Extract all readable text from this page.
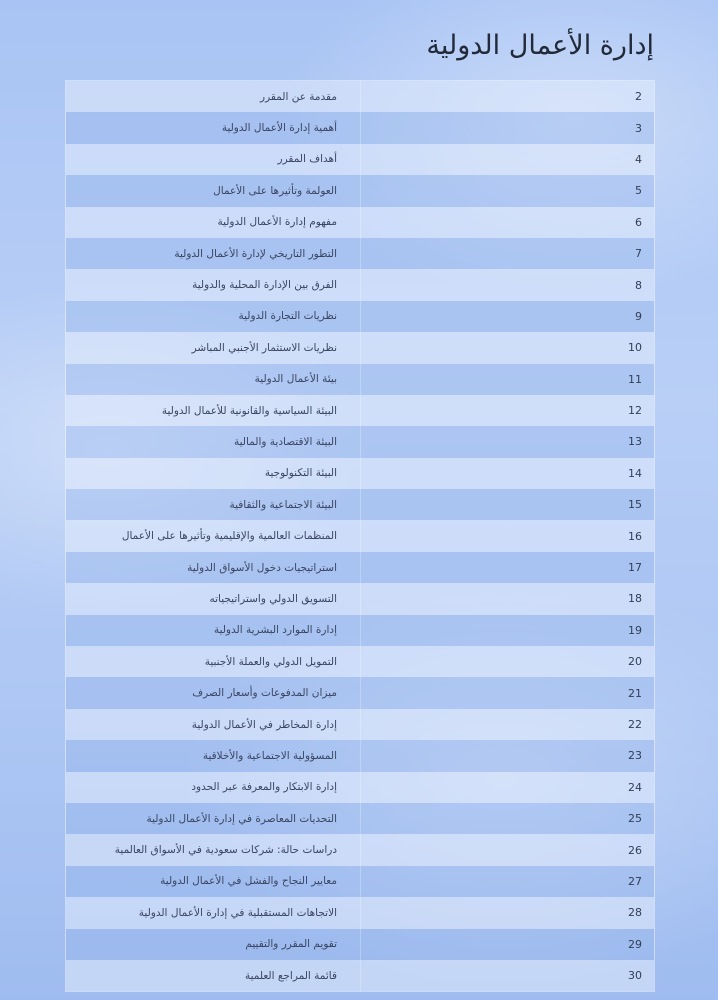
إدارة الأعمال الدولية
2
مقدمة عن المقرر
3
أهمية إدارة الأعمال الدولية
4
أهداف المقرر
5
العولمة وتأثيرها على الأعمال
6
مفهوم إدارة الأعمال الدولية
7
التطور التاريخي لإدارة الأعمال الدولية
8
الفرق بين الإدارة المحلية والدولية
9
نظريات التجارة الدولية
10
نظريات الاستثمار الأجنبي المباشر
11
بيئة الأعمال الدولية
12
البيئة السياسية والقانونية للأعمال الدولية
13
البيئة الاقتصادية والمالية
14
البيئة التكنولوجية
15
البيئة الاجتماعية والثقافية
16
المنظمات العالمية والإقليمية وتأثيرها على الأعمال
17
استراتيجيات دخول الأسواق الدولية
18
التسويق الدولي واستراتيجياته
19
إدارة الموارد البشرية الدولية
20
التمويل الدولي والعملة الأجنبية
21
ميزان المدفوعات وأسعار الصرف
22
إدارة المخاطر في الأعمال الدولية
23
المسؤولية الاجتماعية والأخلاقية
24
إدارة الابتكار والمعرفة عبر الحدود
25
التحديات المعاصرة في إدارة الأعمال الدولية
26
دراسات حالة: شركات سعودية في الأسواق العالمية
27
معايير النجاح والفشل في الأعمال الدولية
28
الاتجاهات المستقبلية في إدارة الأعمال الدولية
29
تقويم المقرر والتقييم
30
قائمة المراجع العلمية
